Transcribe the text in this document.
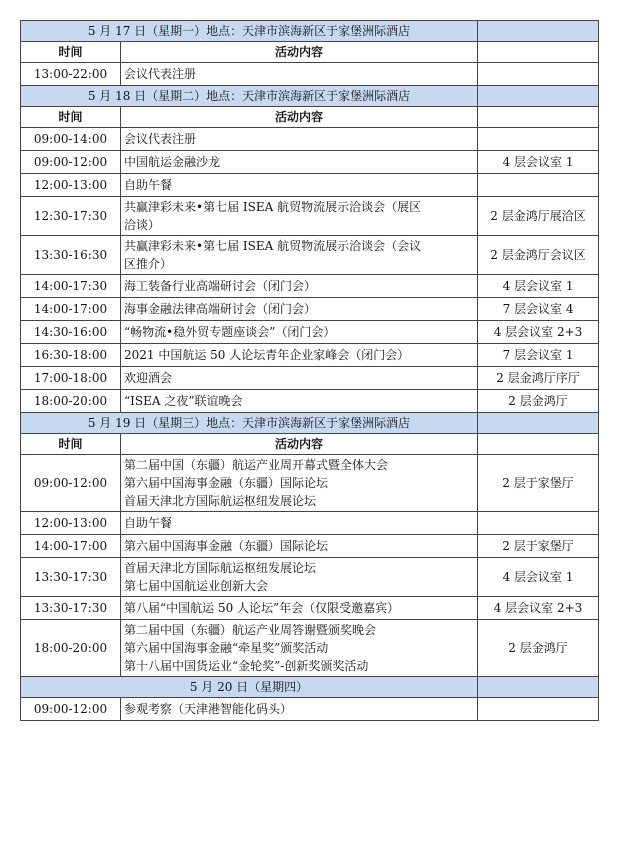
5 月 17 日（星期一）地点：天津市滨海新区于家堡洲际酒店		
时间	活动内容	
13:00-22:00	会议代表注册	

5 月 18 日（星期二）地点：天津市滨海新区于家堡洲际酒店		
时间	活动内容	
09:00-14:00	会议代表注册	

09:00-12:00	中国航运金融沙龙	4 层会议室 1
12:00-13:00	自助午餐	

12:30-17:30	共赢津彩未来•第七届 ISEA 航贸物流展示洽谈会（展区
洽谈）	2 层金鸿厅展洽区
13:30-16:30	共赢津彩未来•第七届 ISEA 航贸物流展示洽谈会（会议
区推介）	2 层金鸿厅会议区
14:00-17:30	海工装备行业高端研讨会（闭门会）	4 层会议室 1
14:00-17:00	海事金融法律高端研讨会（闭门会）	7 层会议室 4
14:30-16:00	“畅物流•稳外贸专题座谈会”（闭门会）	4 层会议室 2+3
16:30-18:00	2021 中国航运 50 人论坛青年企业家峰会（闭门会）	7 层会议室 1
17:00-18:00	欢迎酒会	2 层金鸿厅序厅
18:00-20:00	“ISEA 之夜”联谊晚会	2 层金鸿厅
5 月 19 日（星期三）地点：天津市滨海新区于家堡洲际酒店		
时间	活动内容	
09:00-12:00	第二届中国（东疆）航运产业周开幕式暨全体大会
第六届中国海事金融（东疆）国际论坛
首届天津北方国际航运枢纽发展论坛	2 层于家堡厅
12:00-13:00	自助午餐	

14:00-17:00	第六届中国海事金融（东疆）国际论坛	2 层于家堡厅
13:30-17:30	首届天津北方国际航运枢纽发展论坛
第七届中国航运业创新大会	4 层会议室 1
13:30-17:30	第八届“中国航运 50 人论坛”年会（仅限受邀嘉宾）	4 层会议室 2+3
18:00-20:00	第二届中国（东疆）航运产业周答谢暨颁奖晚会
第六届中国海事金融“牵星奖”颁奖活动
第十八届中国货运业“金轮奖”-创新奖颁奖活动	2 层金鸿厅
5 月 20 日（星期四）		
09:00-12:00	参观考察（天津港智能化码头）	
